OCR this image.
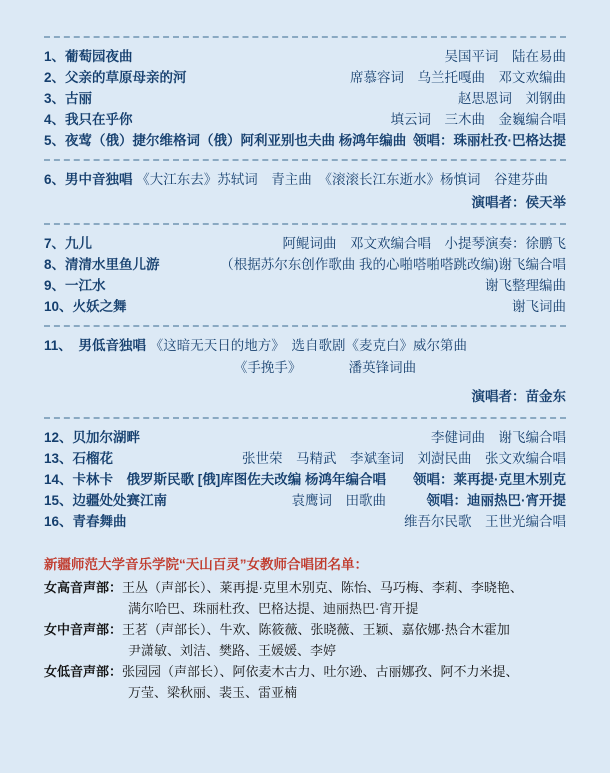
1、葡萄园夜曲	吴国平词　陆在易曲
2、父亲的草原母亲的河	席慕容词　乌兰托嘎曲　邓文欢编曲
3、古丽	赵思恩词　刘钢曲
4、我只在乎你	填云词　三木曲　金巍编合唱
5、夜莺（俄）捷尔维格词（俄）阿利亚别也夫曲 杨鸿年编曲 领唱：珠丽杜孜·巴格达提
6、男中音独唱 《大江东去》苏轼词　青主曲　《滚滚长江东逝水》杨慎词　谷建芬曲
演唱者：侯天举
7、九儿	阿鲲词曲　邓文欢编合唱　小提琴演奏：徐鹏飞
8、清清水里鱼儿游	（根据苏尔东创作歌曲 我的心啪嗒啪嗒跳改编)谢飞编合唱
9、一江水	谢飞整理编曲
10、火妖之舞	谢飞词曲
11、　男低音独唱 《这暗无天日的地方》　选自歌剧《麦克白》威尔第曲
《手挽手》　　　　潘英锋词曲
演唱者：苗金东
12、贝加尔湖畔	李健词曲　谢飞编合唱
13、石榴花	张世荣　马精武　李斌奎词　刘澍民曲　张文欢编合唱
14、卡林卡　俄罗斯民歌 [俄]库图佐夫改编 杨鸿年编合唱 领唱：莱再提·克里木别克
15、边疆处处赛江南	袁鹰词　田歌曲　　　	领唱：迪丽热巴·宵开提
16、青春舞曲	维吾尔民歌　王世光编合唱
新疆师范大学音乐学院“天山百灵”女教师合唱团名单：
女高音声部： 王丛（声部长）、莱再提·克里木别克、陈怡、马巧梅、李莉、李晓艳、
满尔哈巴、珠丽杜孜、巴格达提、迪丽热巴·宵开提
女中音声部： 王茗（声部长）、牛欢、陈筱薇、张晓薇、王颖、嘉依娜·热合木霍加
尹潇敏、刘洁、樊路、王媛媛、李婷
女低音声部： 张园园（声部长）、阿依麦木古力、吐尔逊、古丽娜孜、阿不力米提、
万莹、梁秋丽、裴玉、雷亚楠
